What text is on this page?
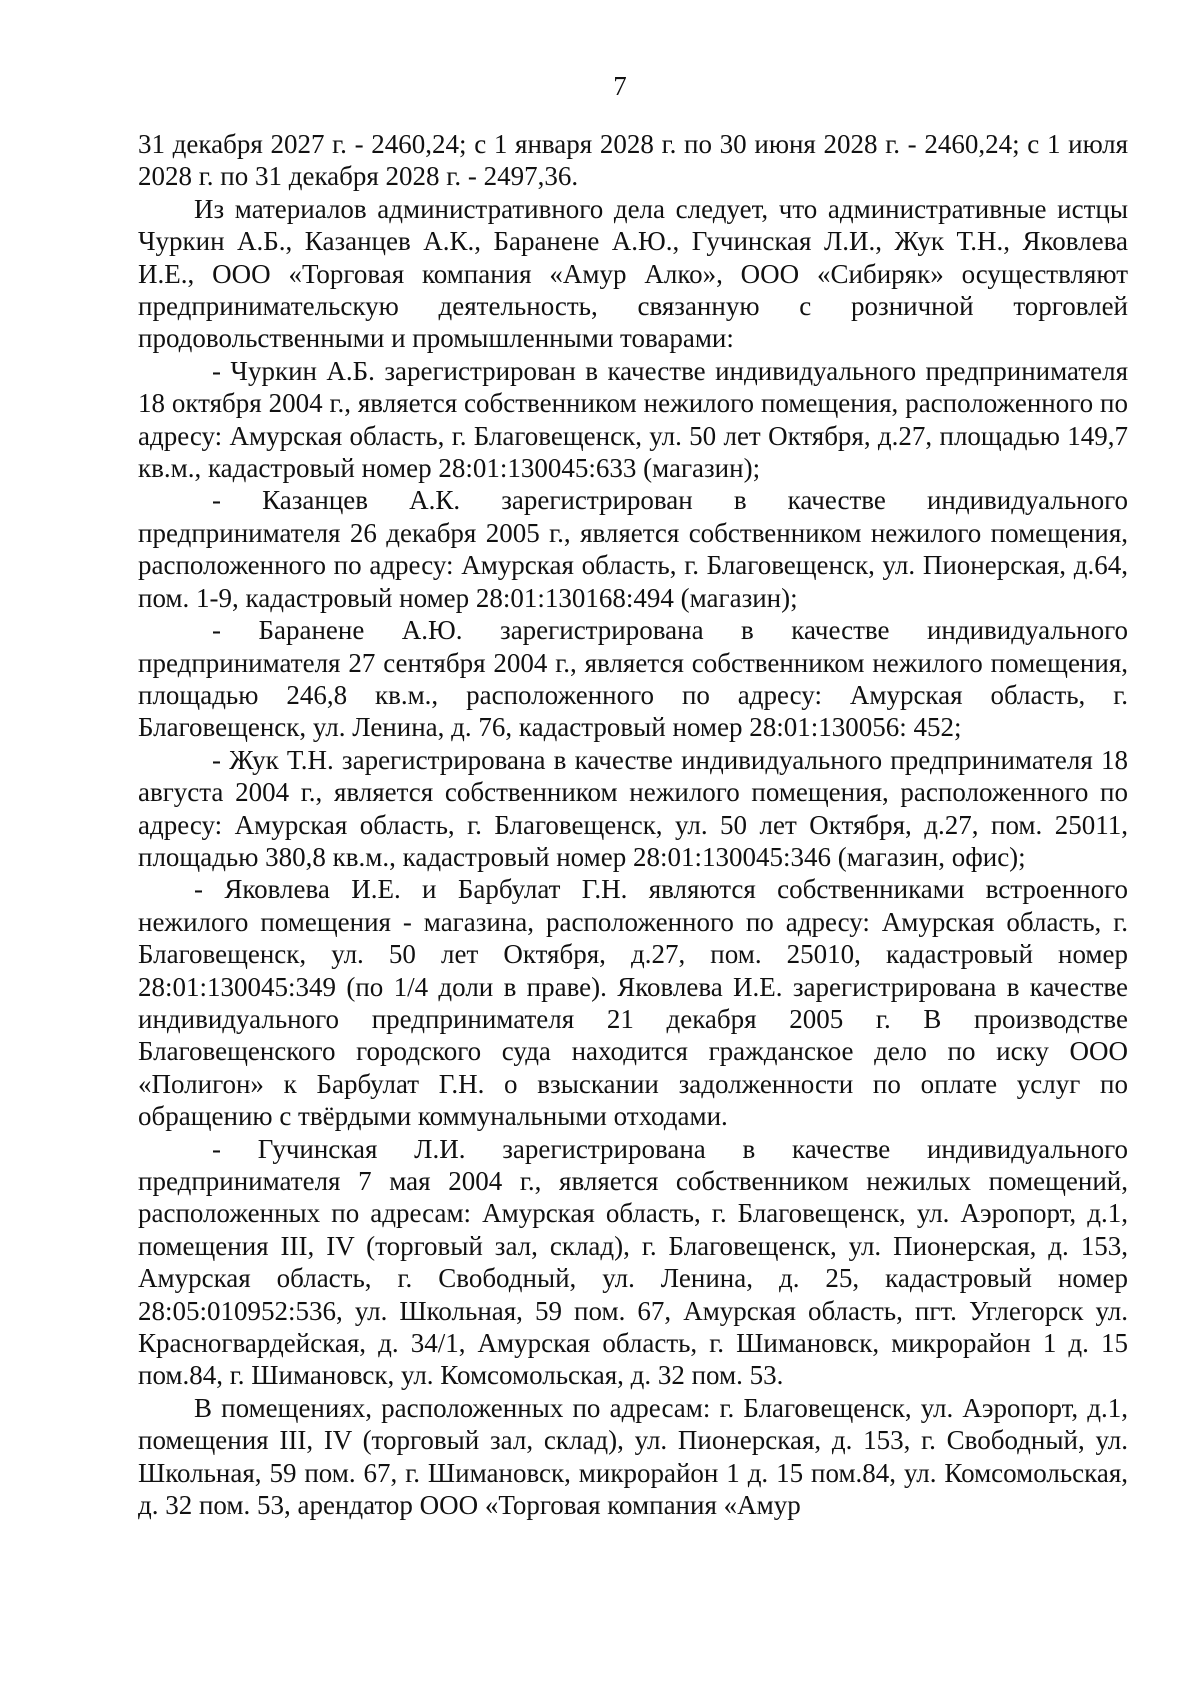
7

31 декабря 2027 г. - 2460,24; с 1 января 2028 г. по 30 июня 2028 г. - 2460,24; с 1 июля 2028 г. по 31 декабря 2028 г. - 2497,36.

Из материалов административного дела следует, что административные истцы Чуркин А.Б., Казанцев А.К., Баранене А.Ю., Гучинская Л.И., Жук Т.Н., Яковлева И.Е., ООО «Торговая компания «Амур Алко», ООО «Сибиряк» осуществляют предпринимательскую деятельность, связанную с розничной торговлей продовольственными и промышленными товарами:

- Чуркин А.Б. зарегистрирован в качестве индивидуального предпринимателя 18 октября 2004 г., является собственником нежилого помещения, расположенного по адресу: Амурская область, г. Благовещенск, ул. 50 лет Октября, д.27, площадью 149,7 кв.м., кадастровый номер 28:01:130045:633 (магазин);

- Казанцев А.К. зарегистрирован в качестве индивидуального предпринимателя 26 декабря 2005 г., является собственником нежилого помещения, расположенного по адресу: Амурская область, г. Благовещенск, ул. Пионерская, д.64, пом. 1-9, кадастровый номер 28:01:130168:494 (магазин);

- Баранене А.Ю. зарегистрирована в качестве индивидуального предпринимателя 27 сентября 2004 г., является собственником нежилого помещения, площадью 246,8 кв.м., расположенного по адресу: Амурская область, г. Благовещенск, ул. Ленина, д. 76, кадастровый номер 28:01:130056: 452;

- Жук Т.Н. зарегистрирована в качестве индивидуального предпринимателя 18 августа 2004 г., является собственником нежилого помещения, расположенного по адресу: Амурская область, г. Благовещенск, ул. 50 лет Октября, д.27, пом. 25011, площадью 380,8 кв.м., кадастровый номер 28:01:130045:346 (магазин, офис);

- Яковлева И.Е. и Барбулат Г.Н. являются собственниками встроенного нежилого помещения - магазина, расположенного по адресу: Амурская область, г. Благовещенск, ул. 50 лет Октября, д.27, пом. 25010, кадастровый номер 28:01:130045:349 (по 1/4 доли в праве). Яковлева И.Е. зарегистрирована в качестве индивидуального предпринимателя 21 декабря 2005 г. В производстве Благовещенского городского суда находится гражданское дело по иску ООО «Полигон» к Барбулат Г.Н. о взыскании задолженности по оплате услуг по обращению с твёрдыми коммунальными отходами.

- Гучинская Л.И. зарегистрирована в качестве индивидуального предпринимателя 7 мая 2004 г., является собственником нежилых помещений, расположенных по адресам: Амурская область, г. Благовещенск, ул. Аэропорт, д.1, помещения III, IV (торговый зал, склад), г. Благовещенск, ул. Пионерская, д. 153, Амурская область, г. Свободный, ул. Ленина, д. 25, кадастровый номер 28:05:010952:536, ул. Школьная, 59 пом. 67, Амурская область, пгт. Углегорск ул. Красногвардейская, д. 34/1, Амурская область, г. Шимановск, микрорайон 1 д. 15 пом.84, г. Шимановск, ул. Комсомольская, д. 32 пом. 53.

В помещениях, расположенных по адресам: г. Благовещенск, ул. Аэропорт, д.1, помещения III, IV (торговый зал, склад), ул. Пионерская, д. 153, г. Свободный, ул. Школьная, 59 пом. 67, г. Шимановск, микрорайон 1 д. 15 пом.84, ул. Комсомольская, д. 32 пом. 53, арендатор ООО «Торговая компания «Амур
